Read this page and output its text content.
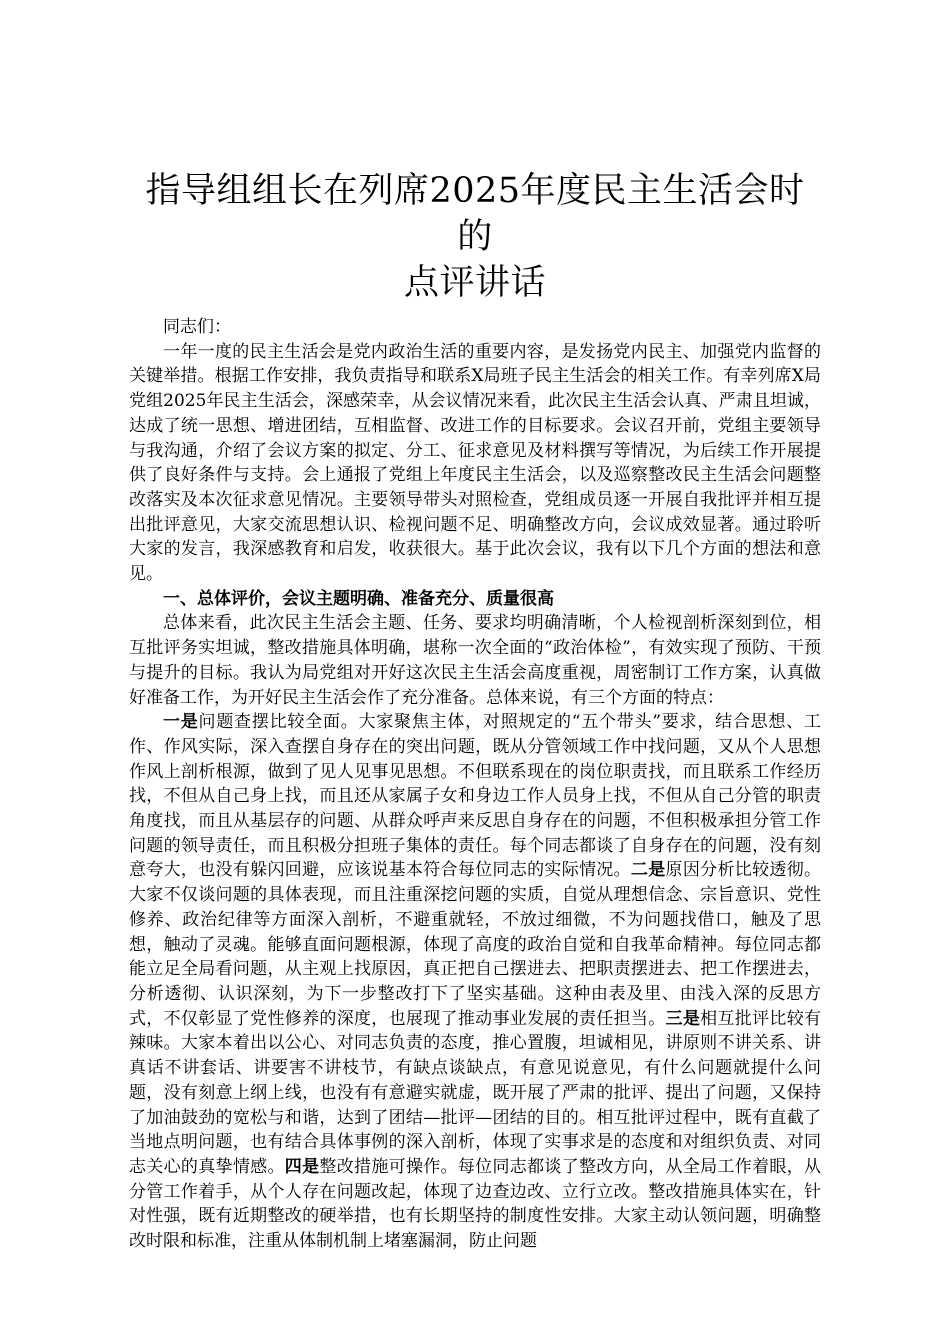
指导组组长在列席2025年度民主生活会时的
点评讲话

同志们：

一年一度的民主生活会是党内政治生活的重要内容，是发扬党内民主、加强党内监督的关键举措。根据工作安排，我负责指导和联系X局班子民主生活会的相关工作。有幸列席X局党组2025年民主生活会，深感荣幸，从会议情况来看，此次民主生活会认真、严肃且坦诚，达成了统一思想、增进团结，互相监督、改进工作的目标要求。会议召开前，党组主要领导与我沟通，介绍了会议方案的拟定、分工、征求意见及材料撰写等情况，为后续工作开展提供了良好条件与支持。会上通报了党组上年度民主生活会，以及巡察整改民主生活会问题整改落实及本次征求意见情况。主要领导带头对照检查，党组成员逐一开展自我批评并相互提出批评意见，大家交流思想认识、检视问题不足、明确整改方向，会议成效显著。通过聆听大家的发言，我深感教育和启发，收获很大。基于此次会议，我有以下几个方面的想法和意见。

一、总体评价，会议主题明确、准备充分、质量很高

总体来看，此次民主生活会主题、任务、要求均明确清晰，个人检视剖析深刻到位，相互批评务实坦诚，整改措施具体明确，堪称一次全面的“政治体检”，有效实现了预防、干预与提升的目标。我认为局党组对开好这次民主生活会高度重视，周密制订工作方案，认真做好准备工作，为开好民主生活会作了充分准备。总体来说，有三个方面的特点：

一是问题查摆比较全面。大家聚焦主体，对照规定的“五个带头”要求，结合思想、工作、作风实际，深入查摆自身存在的突出问题，既从分管领域工作中找问题，又从个人思想作风上剖析根源，做到了见人见事见思想。不但联系现在的岗位职责找，而且联系工作经历找，不但从自己身上找，而且还从家属子女和身边工作人员身上找，不但从自己分管的职责角度找，而且从基层存的问题、从群众呼声来反思自身存在的问题，不但积极承担分管工作问题的领导责任，而且积极分担班子集体的责任。每个同志都谈了自身存在的问题，没有刻意夸大，也没有躲闪回避，应该说基本符合每位同志的实际情况。二是原因分析比较透彻。大家不仅谈问题的具体表现，而且注重深挖问题的实质，自觉从理想信念、宗旨意识、党性修养、政治纪律等方面深入剖析，不避重就轻，不放过细微，不为问题找借口，触及了思想，触动了灵魂。能够直面问题根源，体现了高度的政治自觉和自我革命精神。每位同志都能立足全局看问题，从主观上找原因，真正把自己摆进去、把职责摆进去、把工作摆进去，分析透彻、认识深刻，为下一步整改打下了坚实基础。这种由表及里、由浅入深的反思方式，不仅彰显了党性修养的深度，也展现了推动事业发展的责任担当。三是相互批评比较有辣味。大家本着出以公心、对同志负责的态度，推心置腹，坦诚相见，讲原则不讲关系、讲真话不讲套话、讲要害不讲枝节，有缺点谈缺点，有意见说意见，有什么问题就提什么问题，没有刻意上纲上线，也没有有意避实就虚，既开展了严肃的批评、提出了问题，又保持了加油鼓劲的宽松与和谐，达到了团结—批评—团结的目的。相互批评过程中，既有直截了当地点明问题，也有结合具体事例的深入剖析，体现了实事求是的态度和对组织负责、对同志关心的真挚情感。四是整改措施可操作。每位同志都谈了整改方向，从全局工作着眼，从分管工作着手，从个人存在问题改起，体现了边查边改、立行立改。整改措施具体实在，针对性强，既有近期整改的硬举措，也有长期坚持的制度性安排。大家主动认领问题，明确整改时限和标准，注重从体制机制上堵塞漏洞，防止问题
